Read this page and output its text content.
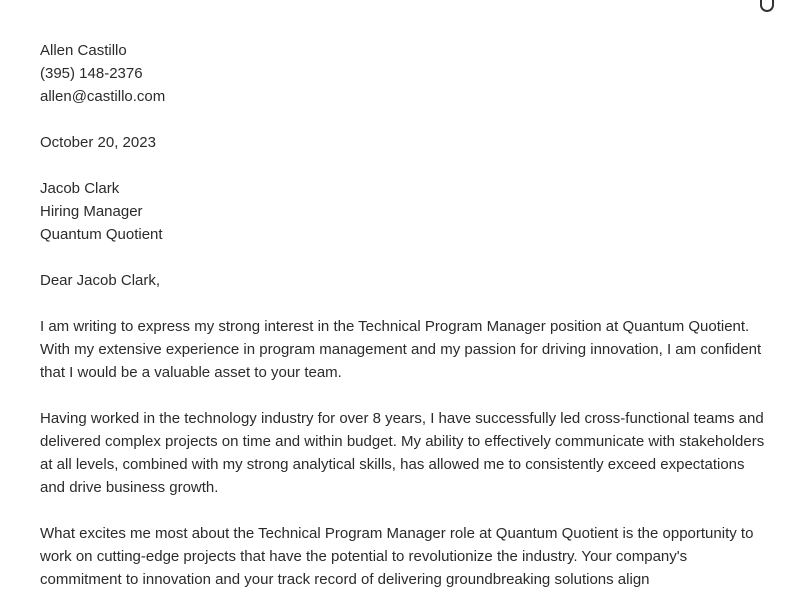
Allen Castillo
(395) 148-2376
allen@castillo.com
October 20, 2023
Jacob Clark
Hiring Manager
Quantum Quotient
Dear Jacob Clark,

I am writing to express my strong interest in the Technical Program Manager position at Quantum Quotient. With my extensive experience in program management and my passion for driving innovation, I am confident that I would be a valuable asset to your team.

Having worked in the technology industry for over 8 years, I have successfully led cross-functional teams and delivered complex projects on time and within budget. My ability to effectively communicate with stakeholders at all levels, combined with my strong analytical skills, has allowed me to consistently exceed expectations and drive business growth.

What excites me most about the Technical Program Manager role at Quantum Quotient is the opportunity to work on cutting-edge projects that have the potential to revolutionize the industry. Your company's commitment to innovation and your track record of delivering groundbreaking solutions align
